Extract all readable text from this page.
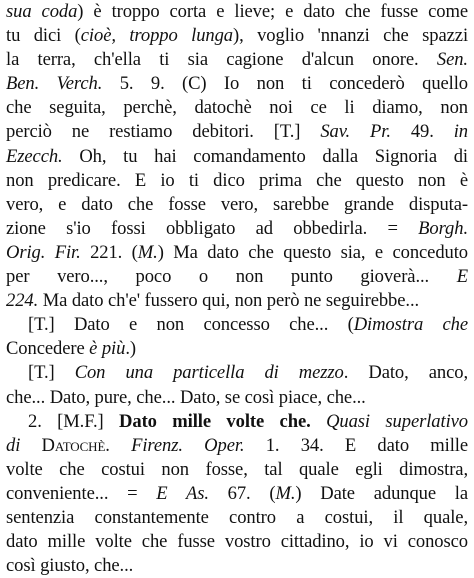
sua coda) è troppo corta e lieve; e dato che fusse come
tu dici (cioè, troppo lunga), voglio 'nnanzi che spazzi
la terra, ch'ella ti sia cagione d'alcun onore. Sen.
Ben. Verch. 5. 9. (C) Io non ti concederò quello
che seguita, perchè, datochè noi ce li diamo, non
perciò ne restiamo debitori. [T.] Sav. Pr. 49. in
Ezecch. Oh, tu hai comandamento dalla Signoria di
non predicare. E io ti dico prima che questo non è
vero, e dato che fosse vero, sarebbe grande disputa-
zione s'io fossi obbligato ad obbedirla. = Borgh.
Orig. Fir. 221. (M.) Ma dato che questo sia, e conceduto
per vero..., poco o non punto gioverà... E
224. Ma dato ch'e' fussero qui, non però ne seguirebbe...
[T.] Dato e non concesso che... (Dimostra che
Concedere è più.)
[T.] Con una particella di mezzo. Dato, anco,
che... Dato, pure, che... Dato, se così piace, che...
2. [M.F.] Dato mille volte che. Quasi superlativo
di Datochè. Firenz. Oper. 1. 34. E dato mille
volte che costui non fosse, tal quale egli dimostra,
conveniente... = E As. 67. (M.) Date adunque la
sentenzia constantemente contro a costui, il quale,
dato mille volte che fusse vostro cittadino, io vi conosco
così giusto, che...
